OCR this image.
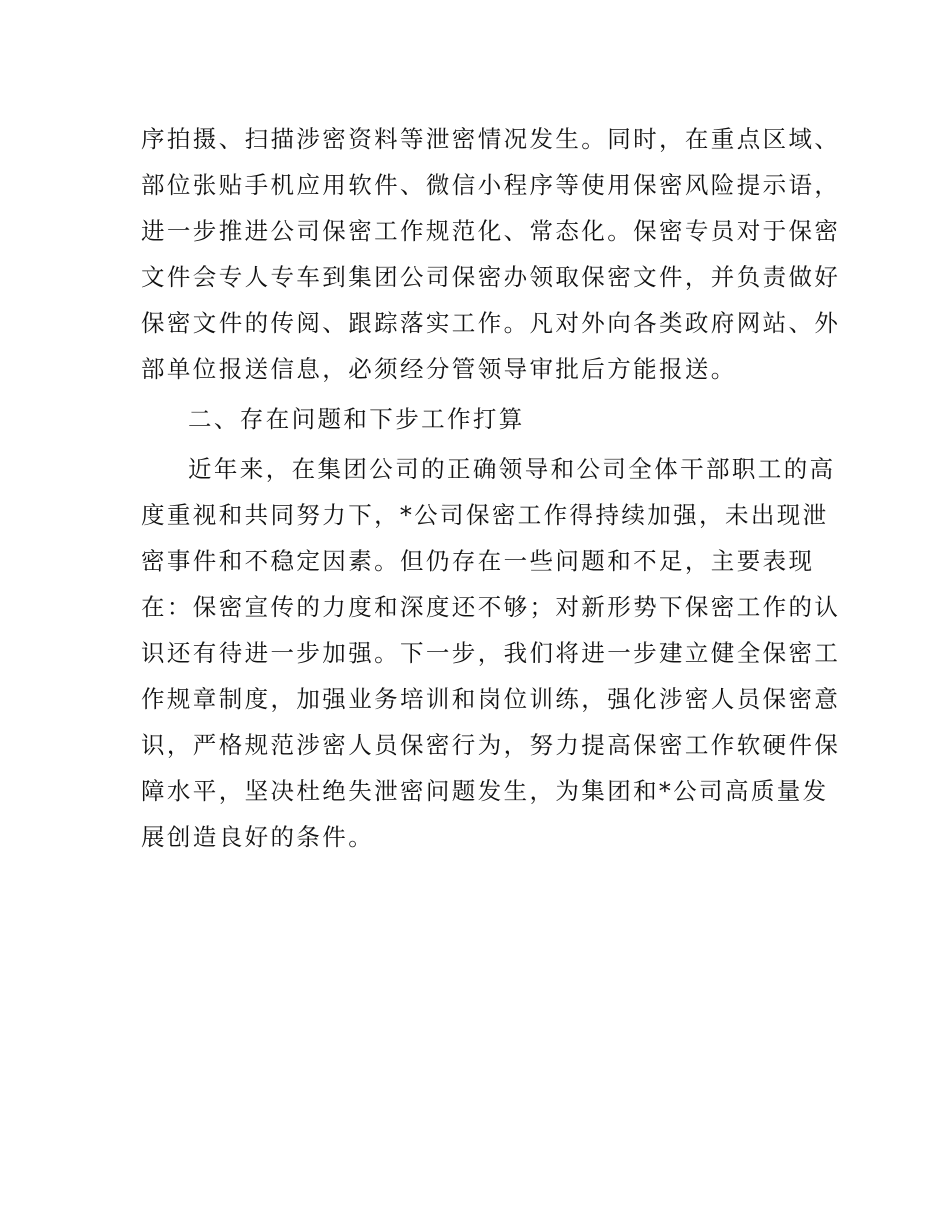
序拍摄、扫描涉密资料等泄密情况发生。同时，在重点区域、
部位张贴手机应用软件、微信小程序等使用保密风险提示语，
进一步推进公司保密工作规范化、常态化。保密专员对于保密
文件会专人专车到集团公司保密办领取保密文件，并负责做好
保密文件的传阅、跟踪落实工作。凡对外向各类政府网站、外
部单位报送信息，必须经分管领导审批后方能报送。
二、存在问题和下步工作打算
近年来，在集团公司的正确领导和公司全体干部职工的高
度重视和共同努力下，*公司保密工作得持续加强，未出现泄
密事件和不稳定因素。但仍存在一些问题和不足，主要表现
在：保密宣传的力度和深度还不够；对新形势下保密工作的认
识还有待进一步加强。下一步，我们将进一步建立健全保密工
作规章制度，加强业务培训和岗位训练，强化涉密人员保密意
识，严格规范涉密人员保密行为，努力提高保密工作软硬件保
障水平，坚决杜绝失泄密问题发生，为集团和*公司高质量发
展创造良好的条件。
